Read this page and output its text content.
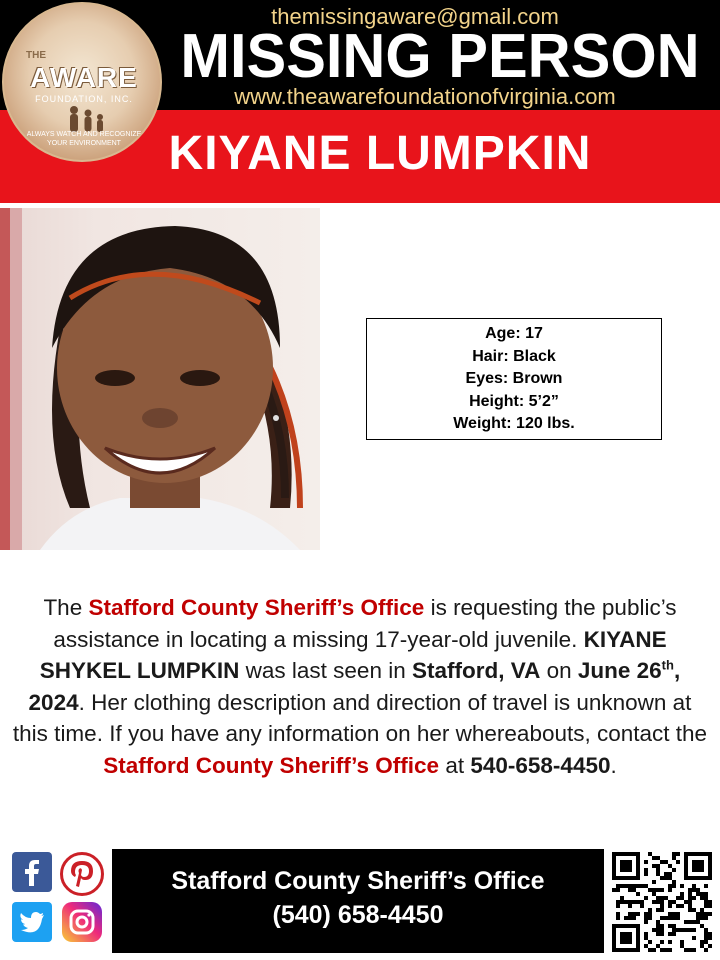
themissingaware@gmail.com
MISSING PERSON
www.theawarefoundationofvirginia.com
KIYANE LUMPKIN
THE
AWARE
FOUNDATION, INC.
ALWAYS WATCH AND RECOGNIZE YOUR ENVIRONMENT
Age: 17
Hair: Black
Eyes: Brown
Height: 5’2”
Weight: 120 lbs.
The Stafford County Sheriff’s Office is requesting the public’s assistance in locating a missing 17-year-old juvenile. KIYANE SHYKEL LUMPKIN was last seen in Stafford, VA on June 26th, 2024. Her clothing description and direction of travel is unknown at this time. If you have any information on her whereabouts, contact the Stafford County Sheriff’s Office at 540-658-4450.
Stafford County Sheriff’s Office
(540) 658-4450
